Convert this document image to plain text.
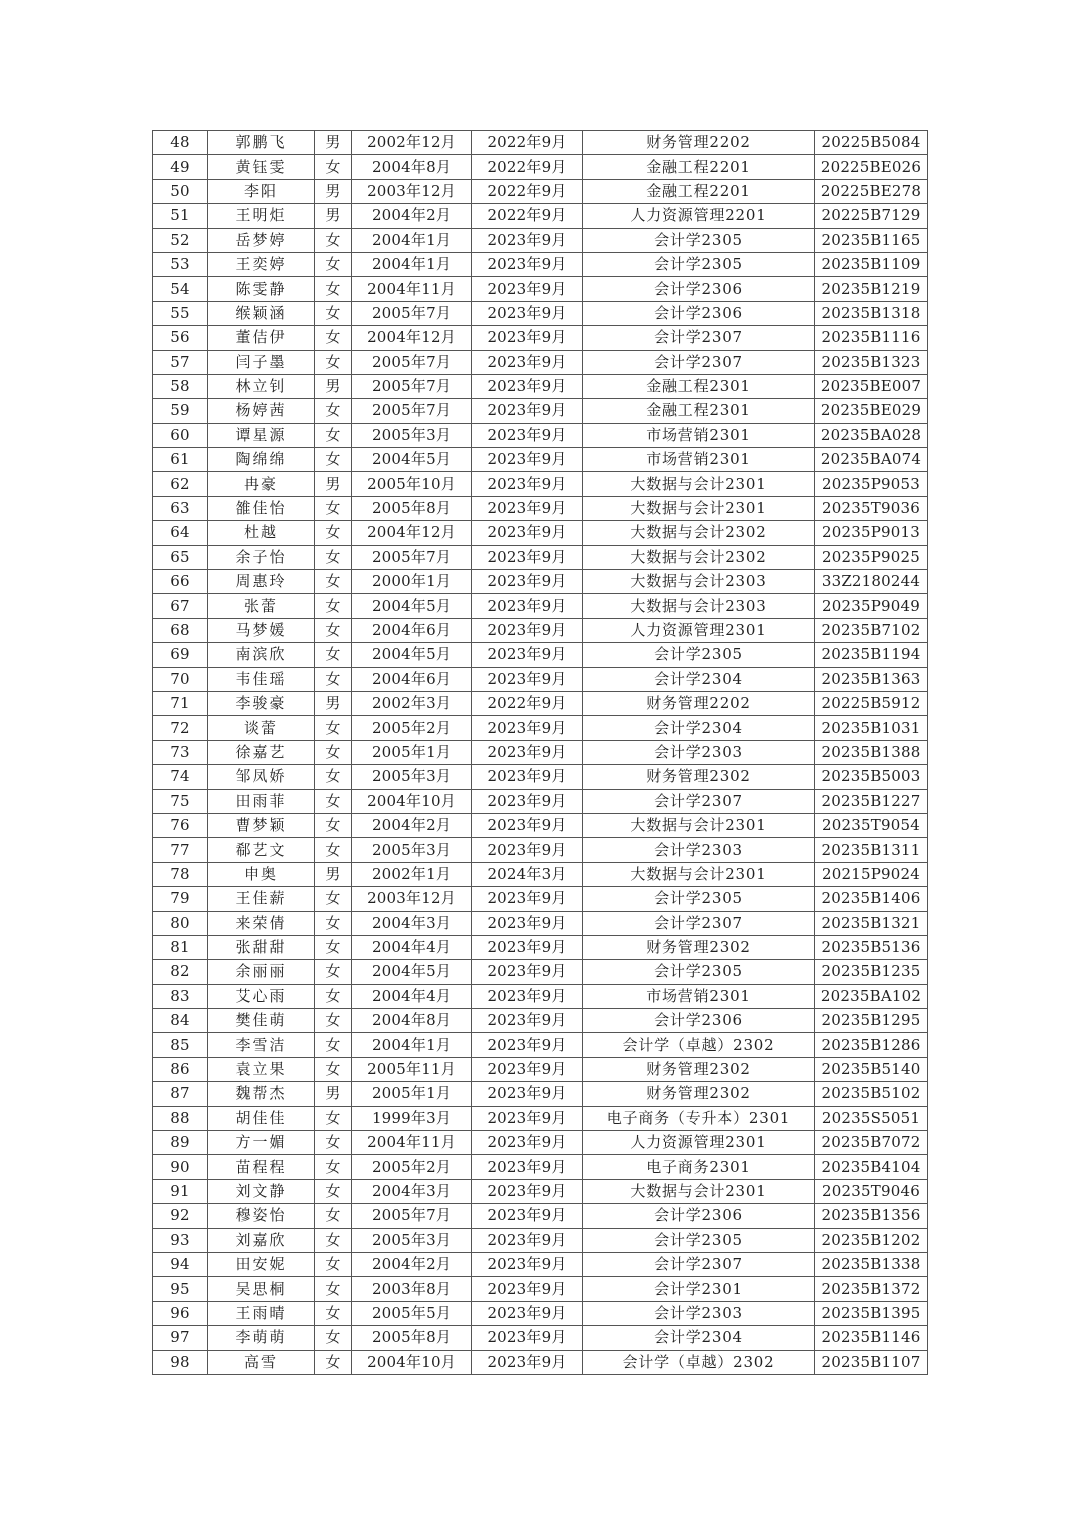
48	郭鹏飞	男	2002年12月	2022年9月	财务管理2202	20225B5084
49	黄钰雯	女	2004年8月	2022年9月	金融工程2201	20225BE026
50	李阳	男	2003年12月	2022年9月	金融工程2201	20225BE278
51	王明炬	男	2004年2月	2022年9月	人力资源管理2201	20225B7129
52	岳梦婷	女	2004年1月	2023年9月	会计学2305	20235B1165
53	王奕婷	女	2004年1月	2023年9月	会计学2305	20235B1109
54	陈雯静	女	2004年11月	2023年9月	会计学2306	20235B1219
55	缑颖涵	女	2005年7月	2023年9月	会计学2306	20235B1318
56	董佶伊	女	2004年12月	2023年9月	会计学2307	20235B1116
57	闫子墨	女	2005年7月	2023年9月	会计学2307	20235B1323
58	林立钊	男	2005年7月	2023年9月	金融工程2301	20235BE007
59	杨婷茜	女	2005年7月	2023年9月	金融工程2301	20235BE029
60	谭星源	女	2005年3月	2023年9月	市场营销2301	20235BA028
61	陶绵绵	女	2004年5月	2023年9月	市场营销2301	20235BA074
62	冉豪	男	2005年10月	2023年9月	大数据与会计2301	20235P9053
63	雒佳怡	女	2005年8月	2023年9月	大数据与会计2301	20235T9036
64	杜越	女	2004年12月	2023年9月	大数据与会计2302	20235P9013
65	余子怡	女	2005年7月	2023年9月	大数据与会计2302	20235P9025
66	周惠玲	女	2000年1月	2023年9月	大数据与会计2303	33Z2180244
67	张蕾	女	2004年5月	2023年9月	大数据与会计2303	20235P9049
68	马梦媛	女	2004年6月	2023年9月	人力资源管理2301	20235B7102
69	南滨欣	女	2004年5月	2023年9月	会计学2305	20235B1194
70	韦佳瑶	女	2004年6月	2023年9月	会计学2304	20235B1363
71	李骏豪	男	2002年3月	2022年9月	财务管理2202	20225B5912
72	谈蕾	女	2005年2月	2023年9月	会计学2304	20235B1031
73	徐嘉艺	女	2005年1月	2023年9月	会计学2303	20235B1388
74	邹凤娇	女	2005年3月	2023年9月	财务管理2302	20235B5003
75	田雨菲	女	2004年10月	2023年9月	会计学2307	20235B1227
76	曹梦颖	女	2004年2月	2023年9月	大数据与会计2301	20235T9054
77	郗艺文	女	2005年3月	2023年9月	会计学2303	20235B1311
78	申奥	男	2002年1月	2024年3月	大数据与会计2301	20215P9024
79	王佳薪	女	2003年12月	2023年9月	会计学2305	20235B1406
80	来荣倩	女	2004年3月	2023年9月	会计学2307	20235B1321
81	张甜甜	女	2004年4月	2023年9月	财务管理2302	20235B5136
82	余丽丽	女	2004年5月	2023年9月	会计学2305	20235B1235
83	艾心雨	女	2004年4月	2023年9月	市场营销2301	20235BA102
84	樊佳萌	女	2004年8月	2023年9月	会计学2306	20235B1295
85	李雪洁	女	2004年1月	2023年9月	会计学（卓越）2302	20235B1286
86	袁立果	女	2005年11月	2023年9月	财务管理2302	20235B5140
87	魏帮杰	男	2005年1月	2023年9月	财务管理2302	20235B5102
88	胡佳佳	女	1999年3月	2023年9月	电子商务（专升本）2301	20235S5051
89	方一媚	女	2004年11月	2023年9月	人力资源管理2301	20235B7072
90	苗程程	女	2005年2月	2023年9月	电子商务2301	20235B4104
91	刘文静	女	2004年3月	2023年9月	大数据与会计2301	20235T9046
92	穆姿怡	女	2005年7月	2023年9月	会计学2306	20235B1356
93	刘嘉欣	女	2005年3月	2023年9月	会计学2305	20235B1202
94	田安妮	女	2004年2月	2023年9月	会计学2307	20235B1338
95	吴思桐	女	2003年8月	2023年9月	会计学2301	20235B1372
96	王雨晴	女	2005年5月	2023年9月	会计学2303	20235B1395
97	李萌萌	女	2005年8月	2023年9月	会计学2304	20235B1146
98	高雪	女	2004年10月	2023年9月	会计学（卓越）2302	20235B1107
